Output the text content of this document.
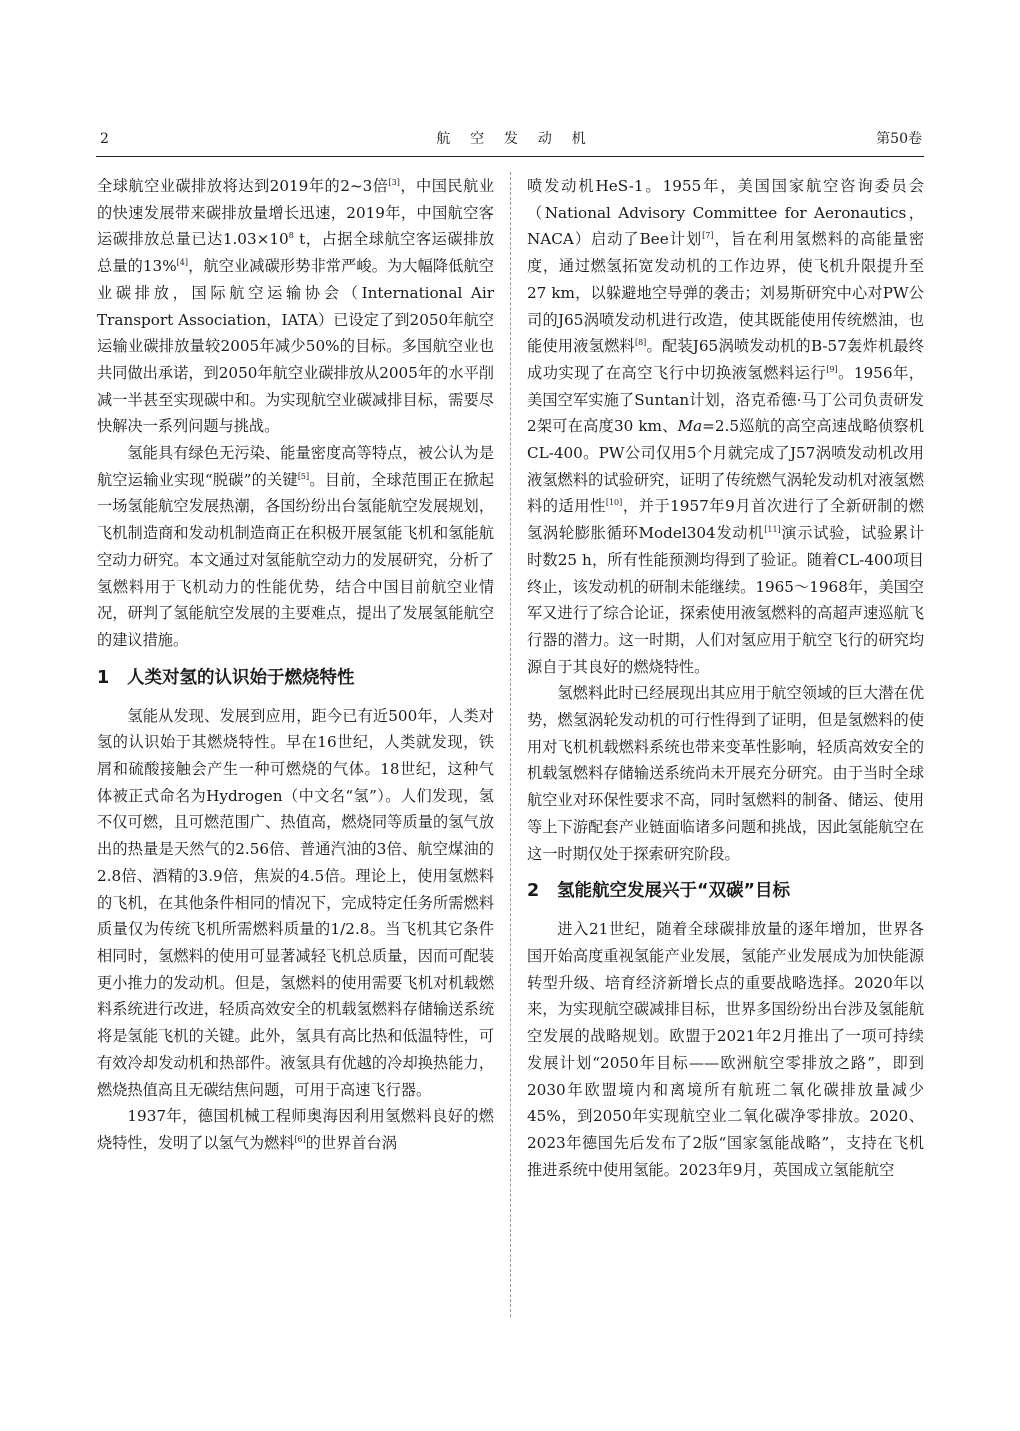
2	航 空 发 动 机	第50卷

全球航空业碳排放将达到2019年的2~3倍[3]，中国民航业的快速发展带来碳排放量增长迅速，2019年，中国航空客运碳排放总量已达$1.03\times 10^8$ t，占据全球航空客运碳排放总量的13%[4]，航空业减碳形势非常严峻。为大幅降低航空业碳排放，国际航空运输协会（International Air Transport Association，IATA）已设定了到2050年航空运输业碳排放量较2005年减少50%的目标。多国航空业也共同做出承诺，到2050年航空业碳排放从2005年的水平削减一半甚至实现碳中和。为实现航空业碳减排目标，需要尽快解决一系列问题与挑战。

氢能具有绿色无污染、能量密度高等特点，被公认为是航空运输业实现“脱碳”的关键[5]。目前，全球范围正在掀起一场氢能航空发展热潮，各国纷纷出台氢能航空发展规划，飞机制造商和发动机制造商正在积极开展氢能飞机和氢能航空动力研究。本文通过对氢能航空动力的发展研究，分析了氢燃料用于飞机动力的性能优势，结合中国目前航空业情况，研判了氢能航空发展的主要难点，提出了发展氢能航空的建议措施。

1 人类对氢的认识始于燃烧特性

氢能从发现、发展到应用，距今已有近500年，人类对氢的认识始于其燃烧特性。早在16世纪，人类就发现，铁屑和硫酸接触会产生一种可燃烧的气体。18世纪，这种气体被正式命名为Hydrogen（中文名“氢”）。人们发现，氢不仅可燃，且可燃范围广、热值高，燃烧同等质量的氢气放出的热量是天然气的2.56倍、普通汽油的3倍、航空煤油的2.8倍、酒精的3.9倍，焦炭的4.5倍。理论上，使用氢燃料的飞机，在其他条件相同的情况下，完成特定任务所需燃料质量仅为传统飞机所需燃料质量的1/2.8。当飞机其它条件相同时，氢燃料的使用可显著减轻飞机总质量，因而可配装更小推力的发动机。但是，氢燃料的使用需要飞机对机载燃料系统进行改进，轻质高效安全的机载氢燃料存储输送系统将是氢能飞机的关键。此外，氢具有高比热和低温特性，可有效冷却发动机和热部件。液氢具有优越的冷却换热能力，燃烧热值高且无碳结焦问题，可用于高速飞行器。

1937年，德国机械工程师奥海因利用氢燃料良好的燃烧特性，发明了以氢气为燃料[6]的世界首台涡

喷发动机HeS-1。1955年，美国国家航空咨询委员会（National Advisory Committee for Aeronautics，NACA）启动了Bee计划[7]，旨在利用氢燃料的高能量密度，通过燃氢拓宽发动机的工作边界，使飞机升限提升至27 km，以躲避地空导弹的袭击；刘易斯研究中心对PW公司的J65涡喷发动机进行改造，使其既能使用传统燃油，也能使用液氢燃料[8]。配装J65涡喷发动机的B-57轰炸机最终成功实现了在高空飞行中切换液氢燃料运行[9]。1956年，美国空军实施了Suntan计划，洛克希德·马丁公司负责研发2架可在高度30 km、Ma=2.5巡航的高空高速战略侦察机CL-400。PW公司仅用5个月就完成了J57涡喷发动机改用液氢燃料的试验研究，证明了传统燃气涡轮发动机对液氢燃料的适用性[10]，并于1957年9月首次进行了全新研制的燃氢涡轮膨胀循环Model304发动机[11]演示试验，试验累计时数25 h，所有性能预测均得到了验证。随着CL-400项目终止，该发动机的研制未能继续。1965～1968年，美国空军又进行了综合论证，探索使用液氢燃料的高超声速巡航飞行器的潜力。这一时期，人们对氢应用于航空飞行的研究均源自于其良好的燃烧特性。

氢燃料此时已经展现出其应用于航空领域的巨大潜在优势，燃氢涡轮发动机的可行性得到了证明，但是氢燃料的使用对飞机机载燃料系统也带来变革性影响，轻质高效安全的机载氢燃料存储输送系统尚未开展充分研究。由于当时全球航空业对环保性要求不高，同时氢燃料的制备、储运、使用等上下游配套产业链面临诸多问题和挑战，因此氢能航空在这一时期仅处于探索研究阶段。

2 氢能航空发展兴于“双碳”目标

进入21世纪，随着全球碳排放量的逐年增加，世界各国开始高度重视氢能产业发展，氢能产业发展成为加快能源转型升级、培育经济新增长点的重要战略选择。2020年以来，为实现航空碳减排目标，世界多国纷纷出台涉及氢能航空发展的战略规划。欧盟于2021年2月推出了一项可持续发展计划“2050年目标——欧洲航空零排放之路”，即到2030年欧盟境内和离境所有航班二氧化碳排放量减少45%，到2050年实现航空业二氧化碳净零排放。2020、2023年德国先后发布了2版“国家氢能战略”，支持在飞机推进系统中使用氢能。2023年9月，英国成立氢能航空
